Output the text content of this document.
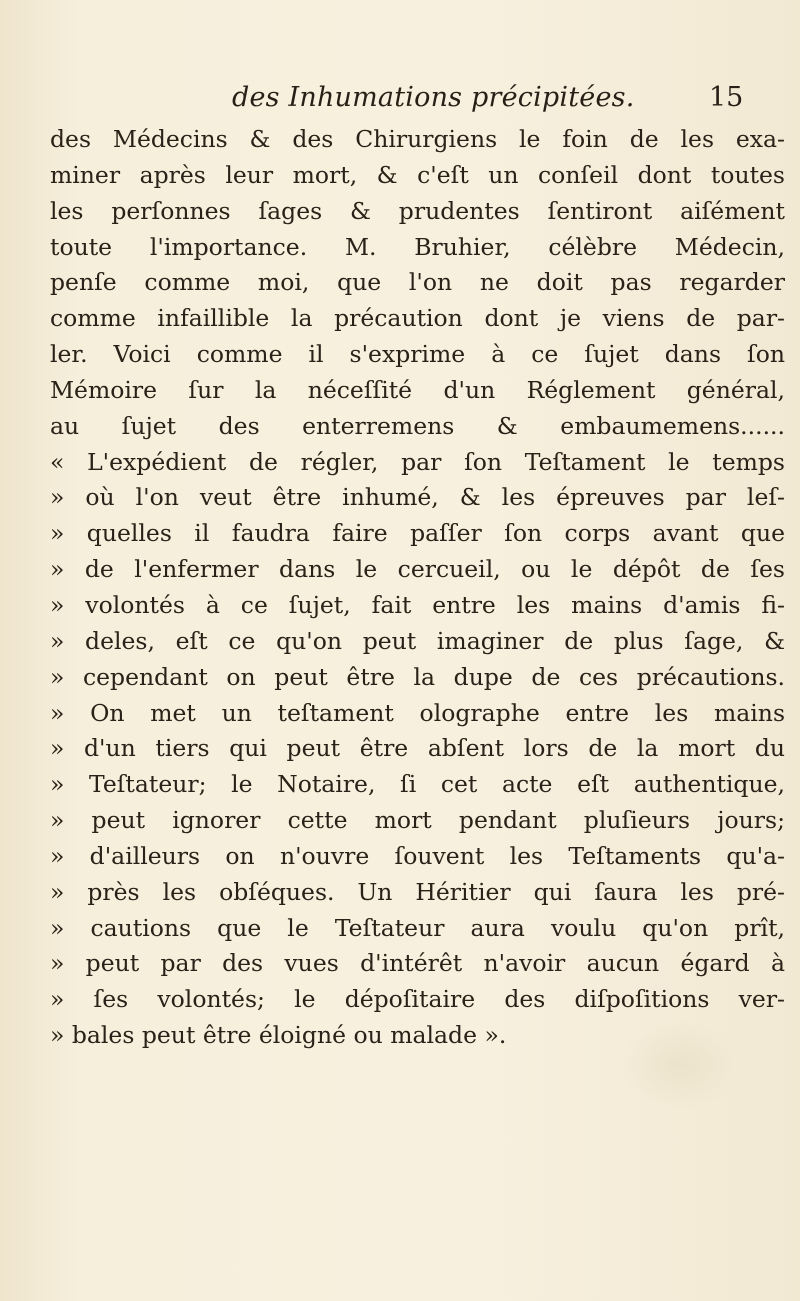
des Inhumations précipitées.	15
des Médecins & des Chirurgiens le foin de les exa-
miner après leur mort, & c'eſt un conſeil dont toutes
les perſonnes ſages & prudentes ſentiront aiſément
toute l'importance. M. Bruhier, célèbre Médecin,
penſe comme moi, que l'on ne doit pas regarder
comme infaillible la précaution dont je viens de par-
ler. Voici comme il s'exprime à ce ſujet dans ſon
Mémoire ſur la néceſſité d'un Réglement général,
au ſujet des enterremens & embaumemens......
« L'expédient de régler, par ſon Teſtament le temps
» où l'on veut être inhumé, & les épreuves par leſ-
» quelles il faudra faire paſſer ſon corps avant que
» de l'enfermer dans le cercueil, ou le dépôt de ſes
» volontés à ce ſujet, fait entre les mains d'amis fi-
» deles, eſt ce qu'on peut imaginer de plus ſage, &
» cependant on peut être la dupe de ces précautions.
» On met un teſtament olographe entre les mains
» d'un tiers qui peut être abſent lors de la mort du
» Teſtateur; le Notaire, ſi cet acte eſt authentique,
» peut ignorer cette mort pendant pluſieurs jours;
» d'ailleurs on n'ouvre ſouvent les Teſtaments qu'a-
» près les obſéques. Un Héritier qui ſaura les pré-
» cautions que le Teſtateur aura voulu qu'on prît,
» peut par des vues d'intérêt n'avoir aucun égard à
» ſes volontés; le dépoſitaire des diſpoſitions ver-
» bales peut être éloigné ou malade ».
